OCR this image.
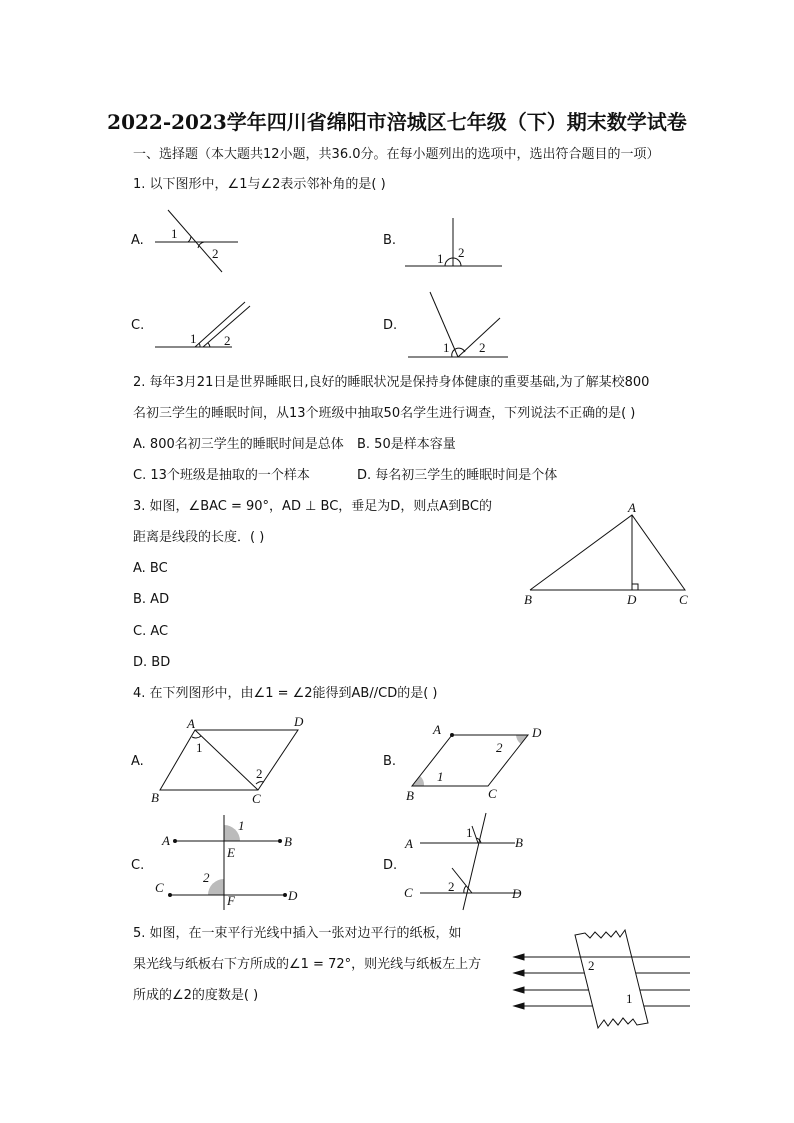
2022-2023学年四川省绵阳市涪城区七年级（下）期末数学试卷
一、选择题（本大题共12小题，共36.0分。在每小题列出的选项中，选出符合题目的一项）
1. 以下图形中，∠1与∠2表示邻补角的是( )
A.	B.
C.	D.
2. 每年3月21日是世界睡眠日,良好的睡眠状况是保持身体健康的重要基础,为了解某校800
名初三学生的睡眠时间，从13个班级中抽取50名学生进行调查，下列说法不正确的是( )
A. 800名初三学生的睡眠时间是总体 B. 50是样本容量
C. 13个班级是抽取的一个样本	D. 每名初三学生的睡眠时间是个体
3. 如图，∠BAC = 90°，AD ⊥ BC，垂足为D，则点A到BC的
距离是线段的长度．( )
A. BC
B. AD
C. AC
D. BD
4. 在下列图形中，由∠1 = ∠2能得到AB//CD的是( )
A.	B.
C.	D.
5. 如图，在一束平行光线中插入一张对边平行的纸板，如
果光线与纸板右下方所成的∠1 = 72°，则光线与纸板左上方
所成的∠2的度数是( )
1
2	1 2
1 2	1 2
A
B	D	C
A	D
B	C
1
2
A	D
B	C
1
2
A	B
C
D
E
F
1
2
A	B
C	D
1
2
2
1
